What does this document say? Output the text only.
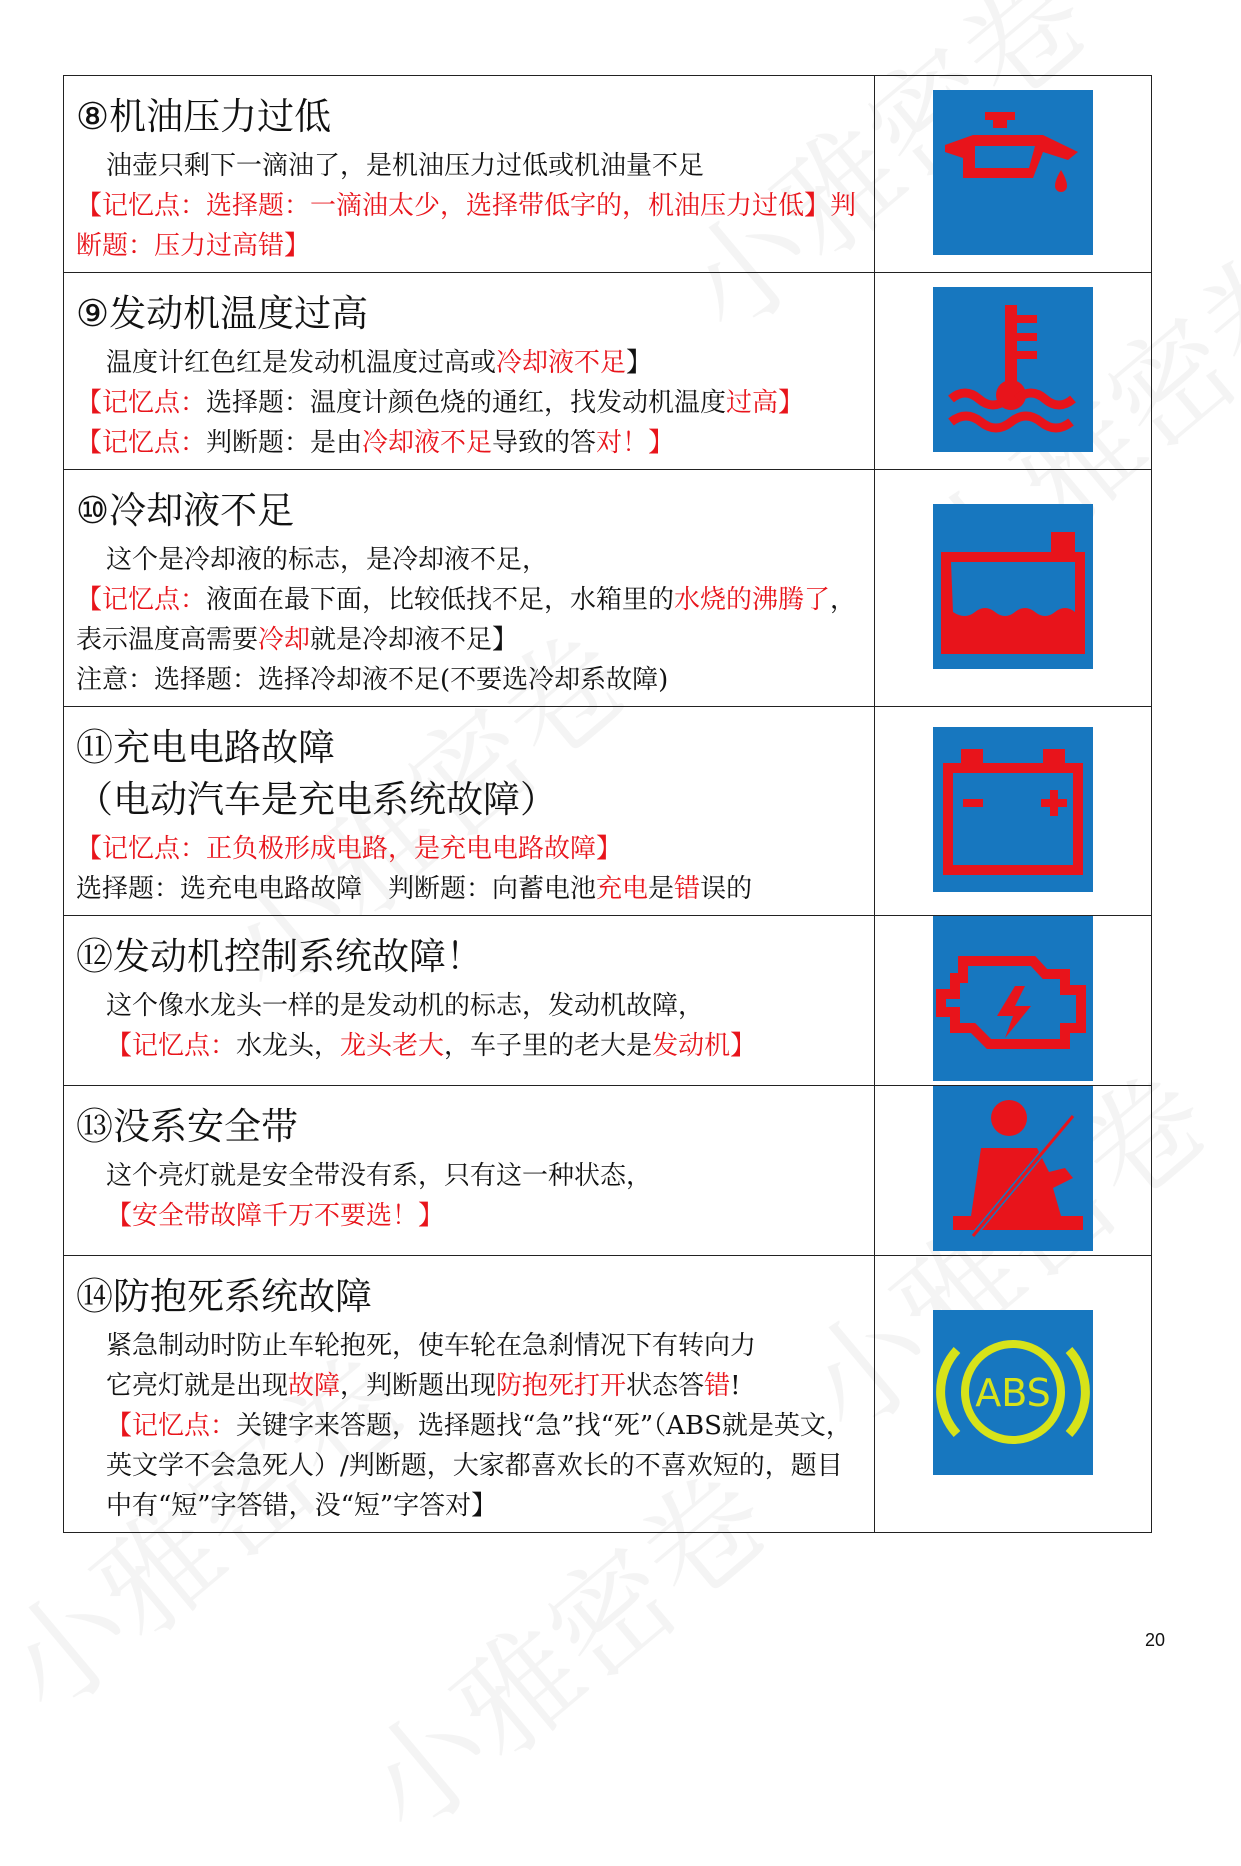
⑧机油压力过低
油壶只剩下一滴油了，是机油压力过低或机油量不足
【记忆点：选择题：一滴油太少，选择带低字的，机油压力过低】判断题：压力过高错】

⑨发动机温度过高
温度计红色红是发动机温度过高或冷却液不足】
【记忆点：选择题：温度计颜色烧的通红，找发动机温度过高】
【记忆点：判断题：是由冷却液不足导致的答对！】

⑩冷却液不足
这个是冷却液的标志，是冷却液不足，
【记忆点：液面在最下面，比较低找不足，水箱里的水烧的沸腾了，表示温度高需要冷却就是冷却液不足】
注意：选择题：选择冷却液不足(不要选冷却系故障)

⑪充电电路故障
（电动汽车是充电系统故障）
【记忆点：正负极形成电路，是充电电路故障】
选择题：选充电电路故障　判断题：向蓄电池充电是错误的

⑫发动机控制系统故障！
这个像水龙头一样的是发动机的标志，发动机故障，
【记忆点：水龙头，龙头老大，车子里的老大是发动机】

⑬没系安全带
这个亮灯就是安全带没有系，只有这一种状态，
【安全带故障千万不要选！】

⑭防抱死系统故障
紧急制动时防止车轮抱死，使车轮在急刹情况下有转向力
它亮灯就是出现故障，判断题出现防抱死打开状态答错!
【记忆点：关键字来答题，选择题找“急”找“死”（ABS就是英文，英文学不会急死人）/判断题，大家都喜欢长的不喜欢短的，题目中有“短”字答错，没“短”字答对】	ABS
20
